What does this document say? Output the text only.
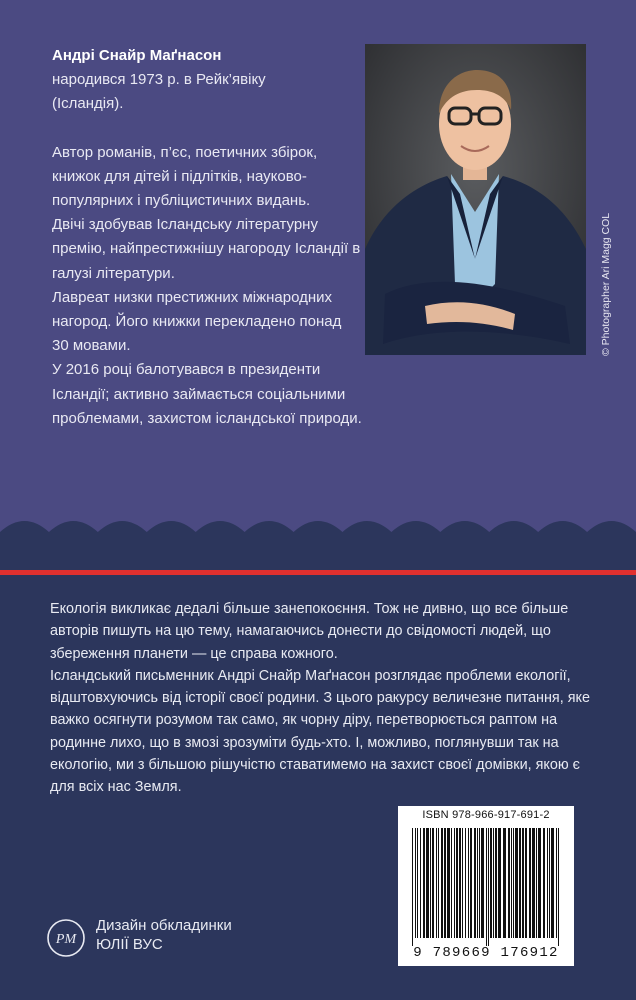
Андрі Снайр Маґнасон

народився 1973 р. в Рейк’явіку

(Ісландія).

Автор романів, п’єс, поетичних збірок, книжок для дітей і підлітків, науково-популярних і публіцистичних видань.

Двічі здобував Ісландську літературну премію, найпрестижнішу нагороду Ісландії в галузі літератури.

Лавреат низки престижних міжнародних нагород. Його книжки перекладено понад 30 мовами.

У 2016 році балотувався в президенти Ісландії; активно займається соціальними проблемами, захистом ісландської природи.

© Photographer Ari Magg COL

Екологія викликає дедалі більше занепокоєння. Тож не дивно, що все більше авторів пишуть на цю тему, намагаючись донести до свідомості людей, що збереження планети — це справа кожного.

Ісландський письменник Андрі Снайр Маґнасон розглядає проблеми екології, відштовхуючись від історії своєї родини. З цього ракурсу величезне питання, яке важко осягнути розумом так само, як чорну діру, перетворюється раптом на родинне лихо, що в змозі зрозуміти будь-хто. І, можливо, поглянувши так на екологію, ми з більшою рішучістю ставатимемо на захист своєї домівки, якою є для всіх нас Земля.

ISBN 978-966-917-691-2
9 789669 176912
PM
Дизайн обкладинки
ЮЛІЇ ВУС
